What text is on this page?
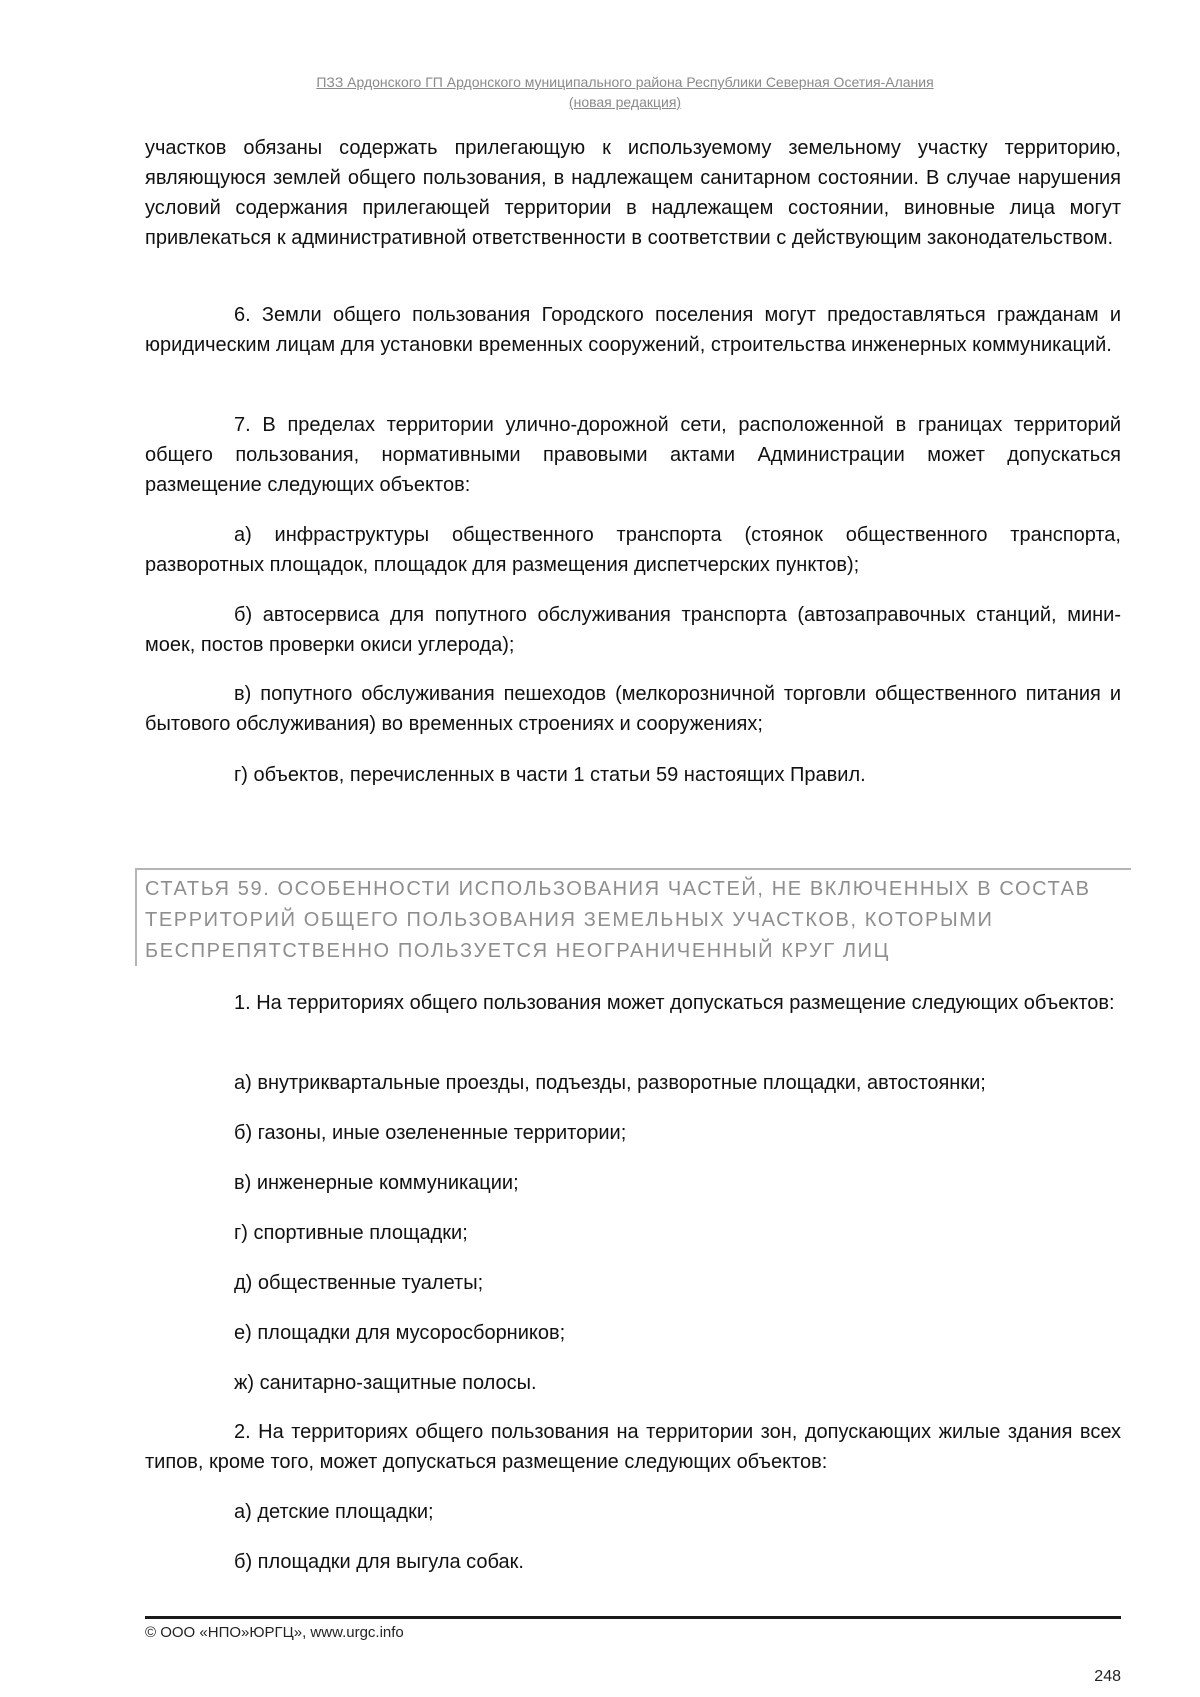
ПЗЗ Ардонского ГП Ардонского муниципального района Республики Северная Осетия-Алания
(новая редакция)

участков обязаны содержать прилегающую к используемому земельному участку территорию, являющуюся землей общего пользования, в надлежащем санитарном состоянии. В случае нарушения условий содержания прилегающей территории в надлежащем состоянии, виновные лица могут привлекаться к административной ответственности в соответствии с действующим законодательством.

6. Земли общего пользования Городского поселения могут предоставляться гражданам и юридическим лицам для установки временных сооружений, строительства инженерных коммуникаций.

7. В пределах территории улично-дорожной сети, расположенной в границах территорий общего пользования, нормативными правовыми актами Администрации может допускаться размещение следующих объектов:

а) инфраструктуры общественного транспорта (стоянок общественного транспорта, разворотных площадок, площадок для размещения диспетчерских пунктов);

б) автосервиса для попутного обслуживания транспорта (автозаправочных станций, мини-моек, постов проверки окиси углерода);

в) попутного обслуживания пешеходов (мелкорозничной торговли общественного питания и бытового обслуживания) во временных строениях и сооружениях;

г) объектов, перечисленных в части 1 статьи 59 настоящих Правил.

СТАТЬЯ 59. ОСОБЕННОСТИ ИСПОЛЬЗОВАНИЯ ЧАСТЕЙ, НЕ ВКЛЮЧЕННЫХ В СОСТАВ ТЕРРИТОРИЙ ОБЩЕГО ПОЛЬЗОВАНИЯ ЗЕМЕЛЬНЫХ УЧАСТКОВ, КОТОРЫМИ БЕСПРЕПЯТСТВЕННО ПОЛЬЗУЕТСЯ НЕОГРАНИЧЕННЫЙ КРУГ ЛИЦ

1. На территориях общего пользования может допускаться размещение следующих объектов:

а) внутриквартальные проезды, подъезды, разворотные площадки, автостоянки;

б) газоны, иные озелененные территории;

в) инженерные коммуникации;

г) спортивные площадки;

д) общественные туалеты;

е) площадки для мусоросборников;

ж) санитарно-защитные полосы.

2. На территориях общего пользования на территории зон, допускающих жилые здания всех типов, кроме того, может допускаться размещение следующих объектов:

а) детские площадки;

б) площадки для выгула собак.

© ООО «НПО»ЮРГЦ», www.urgc.info
248
